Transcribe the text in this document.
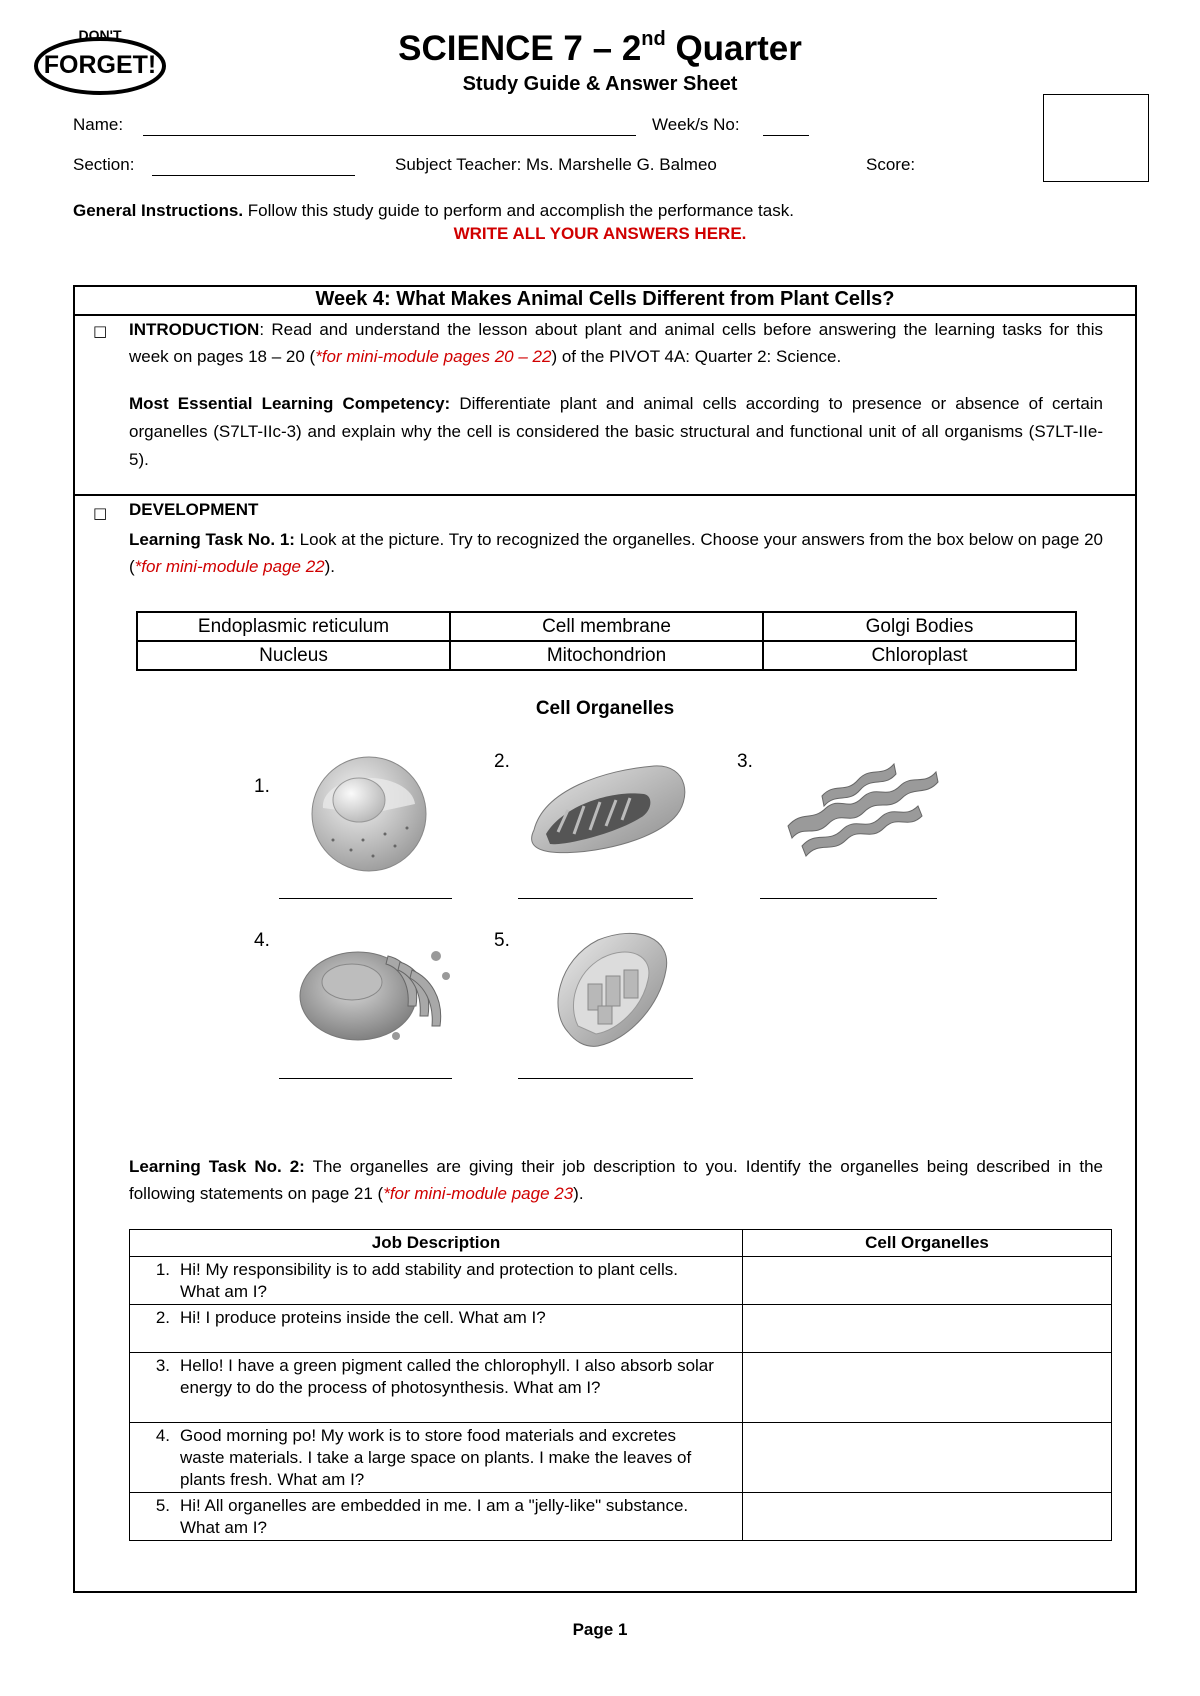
DON'T
FORGET!	SCIENCE 7 – 2nd Quarter
Study Guide & Answer Sheet
Name:	Week/s No:
Section:	Subject Teacher: Ms. Marshelle G. Balmeo	Score:
General Instructions. Follow this study guide to perform and accomplish the performance task.
WRITE ALL YOUR ANSWERS HERE.
Week 4: What Makes Animal Cells Different from Plant Cells?
□ INTRODUCTION: Read and understand the lesson about plant and animal cells before answering the learning tasks for this week on pages 18 – 20 (*for mini-module pages 20 – 22) of the PIVOT 4A: Quarter 2: Science.
Most Essential Learning Competency: Differentiate plant and animal cells according to presence or absence of certain organelles (S7LT-IIc-3) and explain why the cell is considered the basic structural and functional unit of all organisms (S7LT-IIe-5).
□ DEVELOPMENT
Learning Task No. 1: Look at the picture. Try to recognized the organelles. Choose your answers from the box below on page 20 (*for mini-module page 22).
Endoplasmic reticulum	Cell membrane	Golgi Bodies
Nucleus	Mitochondrion	Chloroplast
Cell Organelles
1.
2.	3.
4.	5.
Learning Task No. 2: The organelles are giving their job description to you. Identify the organelles being described in the following statements on page 21 (*for mini-module page 23).
Job Description	Cell Organelles
1. Hi! My responsibility is to add stability and protection to plant cells. What am I?	
2. Hi! I produce proteins inside the cell. What am I?	
3. Hello! I have a green pigment called the chlorophyll. I also absorb solar energy to do the process of photosynthesis. What am I?	
4. Good morning po! My work is to store food materials and excretes waste materials. I take a large space on plants. I make the leaves of plants fresh. What am I?	
5. Hi! All organelles are embedded in me. I am a "jelly-like" substance. What am I?	
Page 1
